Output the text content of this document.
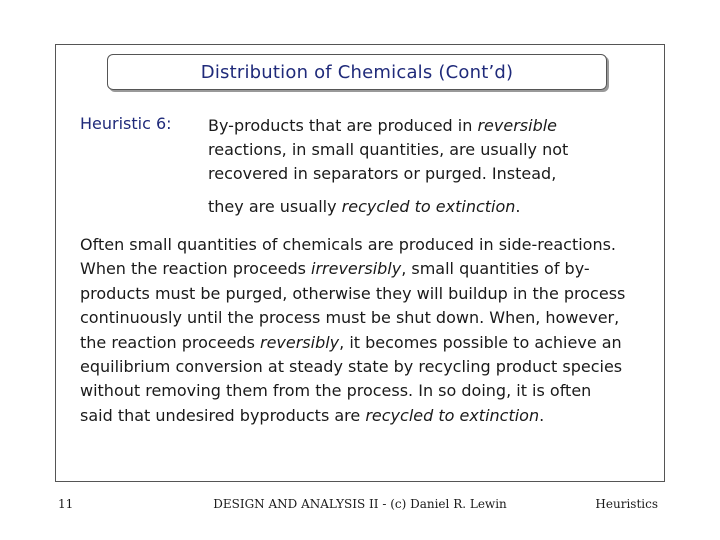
Distribution of Chemicals (Cont’d)
Heuristic 6: By-products that are produced in reversible

reactions, in small quantities, are usually not

recovered in separators or purged. Instead,

they are usually recycled to extinction.

Often small quantities of chemicals are produced in side-reactions. When the reaction proceeds irreversibly, small quantities of by-products must be purged, otherwise they will buildup in the process continuously until the process must be shut down. When, however, the reaction proceeds reversibly, it becomes possible to achieve an equilibrium conversion at steady state by recycling product species without removing them from the process. In so doing, it is often said that undesired byproducts are recycled to extinction.

11	DESIGN AND ANALYSIS II - (c) Daniel R. Lewin	Heuristics
